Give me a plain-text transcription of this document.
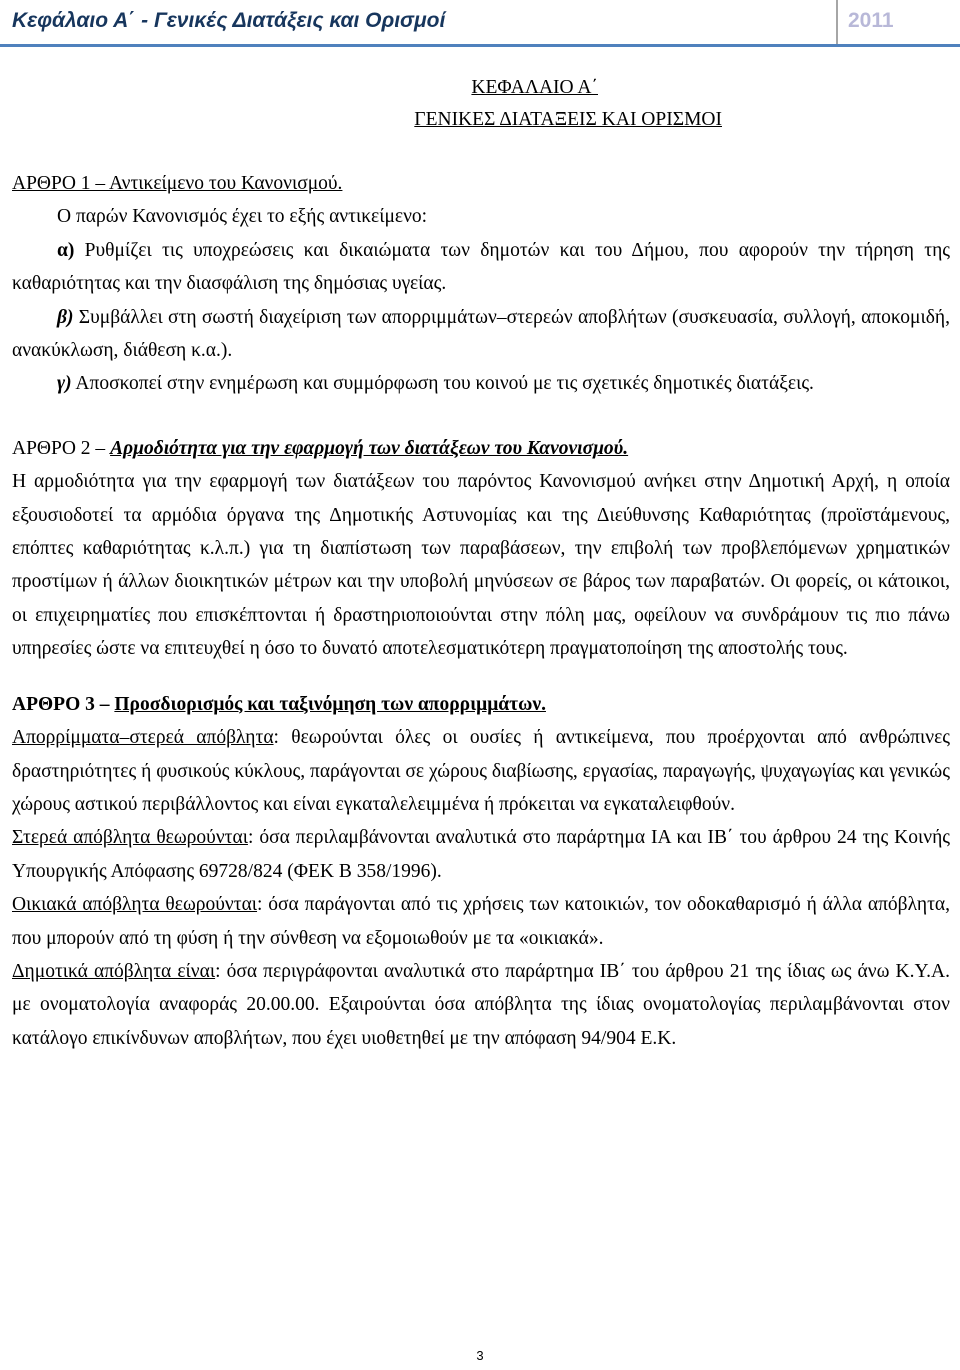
Κεφάλαιο Α΄ - Γενικές Διατάξεις και Ορισμοί	2011

ΚΕΦΑΛΑΙΟ Α΄

ΓΕΝΙΚΕΣ ΔΙΑΤΑΞΕΙΣ ΚΑΙ ΟΡΙΣΜΟΙ

ΑΡΘΡΟ 1 – Αντικείμενο του Κανονισμού.

Ο παρών Κανονισμός έχει το εξής αντικείμενο:

α) Ρυθμίζει τις υποχρεώσεις και δικαιώματα των δημοτών και του Δήμου, που αφορούν την τήρηση της καθαριότητας και την διασφάλιση της δημόσιας υγείας.

β) Συμβάλλει στη σωστή διαχείριση των απορριμμάτων–στερεών αποβλήτων (συσκευασία, συλλογή, αποκομιδή, ανακύκλωση, διάθεση κ.α.).

γ) Αποσκοπεί στην ενημέρωση και συμμόρφωση του κοινού με τις σχετικές δημοτικές διατάξεις.

ΑΡΘΡΟ 2 – Αρμοδιότητα για την εφαρμογή των διατάξεων του Κανονισμού.

Η αρμοδιότητα για την εφαρμογή των διατάξεων του παρόντος Κανονισμού ανήκει στην Δημοτική Αρχή, η οποία εξουσιοδοτεί τα αρμόδια όργανα της Δημοτικής Αστυνομίας και της Διεύθυνσης Καθαριότητας (προϊστάμενους, επόπτες καθαριότητας κ.λ.π.) για τη διαπίστωση των παραβάσεων, την επιβολή των προβλεπόμενων χρηματικών προστίμων ή άλλων διοικητικών μέτρων και την υποβολή μηνύσεων σε βάρος των παραβατών. Οι φορείς, οι κάτοικοι, οι επιχειρηματίες που επισκέπτονται ή δραστηριοποιούνται στην πόλη μας, οφείλουν να συνδράμουν τις πιο πάνω υπηρεσίες ώστε να επιτευχθεί η όσο το δυνατό αποτελεσματικότερη πραγματοποίηση της αποστολής τους.

ΑΡΘΡΟ 3 – Προσδιορισμός και ταξινόμηση των απορριμμάτων.

Απορρίμματα–στερεά απόβλητα: θεωρούνται όλες οι ουσίες ή αντικείμενα, που προέρχονται από ανθρώπινες δραστηριότητες ή φυσικούς κύκλους, παράγονται σε χώρους διαβίωσης, εργασίας, παραγωγής, ψυχαγωγίας και γενικώς χώρους αστικού περιβάλλοντος και είναι εγκαταλελειμμένα ή πρόκειται να εγκαταλειφθούν.

Στερεά απόβλητα θεωρούνται: όσα περιλαμβάνονται αναλυτικά στο παράρτημα ΙΑ και ΙΒ΄ του άρθρου 24 της Κοινής Υπουργικής Απόφασης 69728/824 (ΦΕΚ Β 358/1996).

Οικιακά απόβλητα θεωρούνται: όσα παράγονται από τις χρήσεις των κατοικιών, τον οδοκαθαρισμό ή άλλα απόβλητα, που μπορούν από τη φύση ή την σύνθεση να εξομοιωθούν με τα «οικιακά».

Δημοτικά απόβλητα είναι: όσα περιγράφονται αναλυτικά στο παράρτημα ΙΒ΄ του άρθρου 21 της ίδιας ως άνω Κ.Υ.Α. με ονοματολογία αναφοράς 20.00.00. Εξαιρούνται όσα απόβλητα της ίδιας ονοματολογίας περιλαμβάνονται στον κατάλογο επικίνδυνων αποβλήτων, που έχει υιοθετηθεί με την απόφαση 94/904 Ε.Κ.

3
